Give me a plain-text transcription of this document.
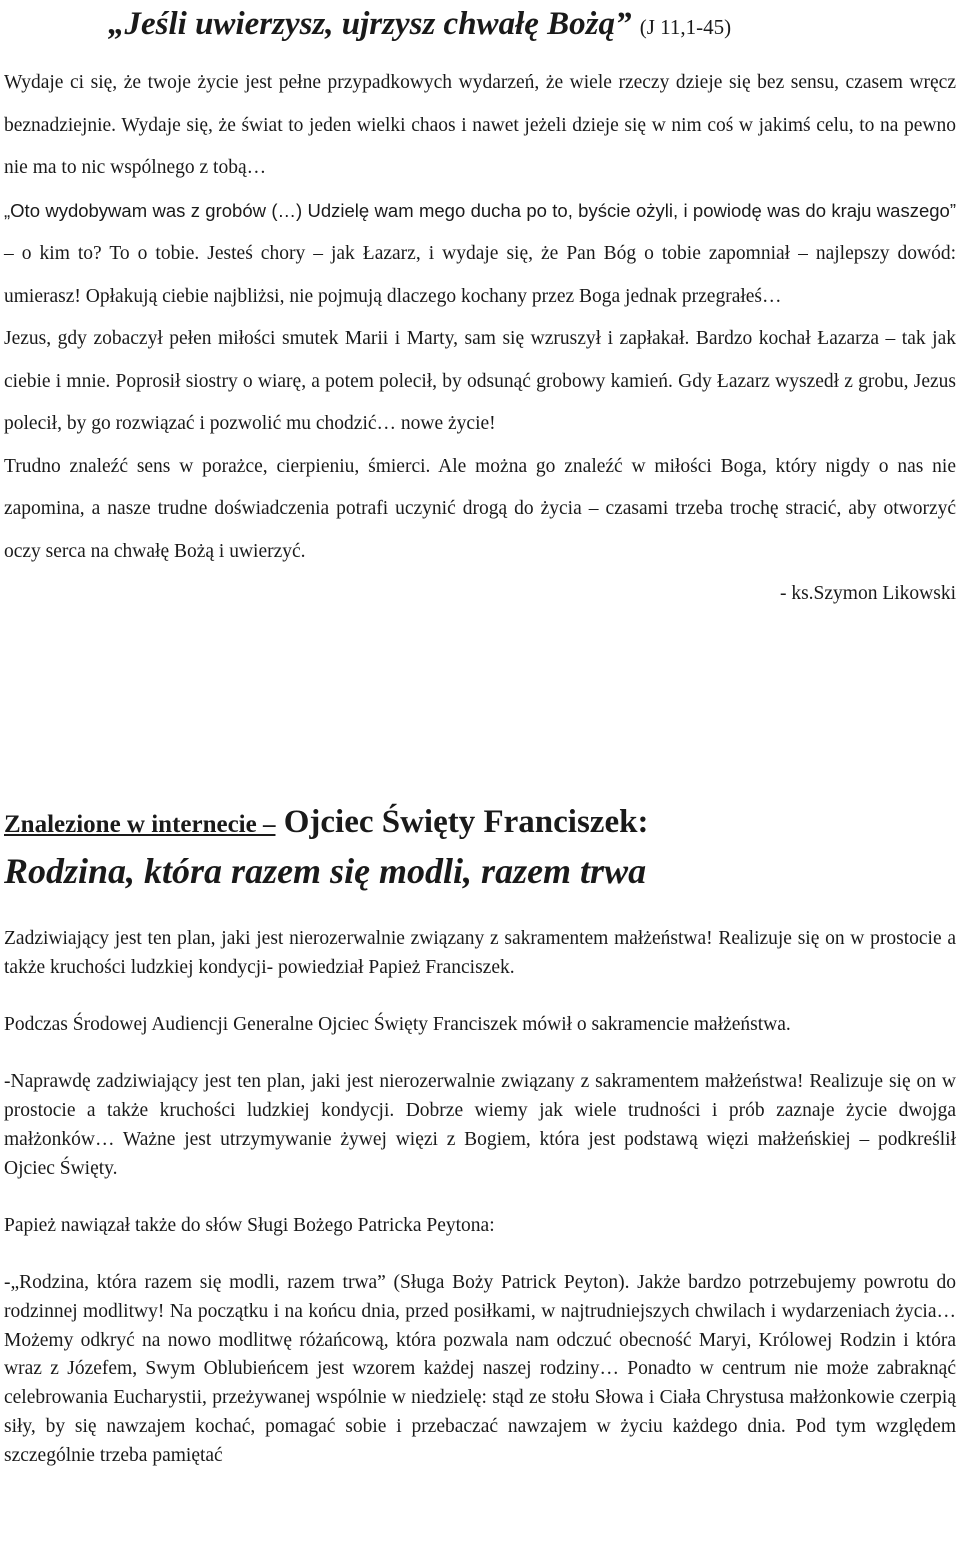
„Jeśli uwierzysz, ujrzysz chwałę Bożą” (J 11,1-45)

Wydaje ci się, że twoje życie jest pełne przypadkowych wydarzeń, że wiele rzeczy dzieje się bez sensu, czasem wręcz beznadziejnie. Wydaje się, że świat to jeden wielki chaos i nawet jeżeli dzieje się w nim coś w jakimś celu, to na pewno nie ma to nic wspólnego z tobą…

„Oto wydobywam was z grobów (…) Udzielę wam mego ducha po to, byście ożyli, i powiodę was do kraju waszego” – o kim to? To o tobie. Jesteś chory – jak Łazarz, i wydaje się, że Pan Bóg o tobie zapomniał – najlepszy dowód: umierasz! Opłakują ciebie najbliżsi, nie pojmują dlaczego kochany przez Boga jednak przegrałeś…

Jezus, gdy zobaczył pełen miłości smutek Marii i Marty, sam się wzruszył i zapłakał. Bardzo kochał Łazarza – tak jak ciebie i mnie. Poprosił siostry o wiarę, a potem polecił, by odsunąć grobowy kamień. Gdy Łazarz wyszedł z grobu, Jezus polecił, by go rozwiązać i pozwolić mu chodzić… nowe życie!

Trudno znaleźć sens w porażce, cierpieniu, śmierci. Ale można go znaleźć w miłości Boga, który nigdy o nas nie zapomina, a nasze trudne doświadczenia potrafi uczynić drogą do życia – czasami trzeba trochę stracić, aby otworzyć oczy serca na chwałę Bożą i uwierzyć.

- ks.Szymon Likowski

Znalezione w internecie – Ojciec Święty Franciszek:
Rodzina, która razem się modli, razem trwa

Zadziwiający jest ten plan, jaki jest nierozerwalnie związany z sakramentem małżeństwa! Realizuje się on w prostocie a także kruchości ludzkiej kondycji- powiedział Papież Franciszek.

Podczas Środowej Audiencji Generalne Ojciec Święty Franciszek mówił o sakramencie małżeństwa.

-Naprawdę zadziwiający jest ten plan, jaki jest nierozerwalnie związany z sakramentem małżeństwa! Realizuje się on w prostocie a także kruchości ludzkiej kondycji. Dobrze wiemy jak wiele trudności i prób zaznaje życie dwojga małżonków… Ważne jest utrzymywanie żywej więzi z Bogiem, która jest podstawą więzi małżeńskiej – podkreślił Ojciec Święty.

Papież nawiązał także do słów Sługi Bożego Patricka Peytona:

-„Rodzina, która razem się modli, razem trwa” (Sługa Boży Patrick Peyton). Jakże bardzo potrzebujemy powrotu do rodzinnej modlitwy! Na początku i na końcu dnia, przed posiłkami, w najtrudniejszych chwilach i wydarzeniach życia… Możemy odkryć na nowo modlitwę różańcową, która pozwala nam odczuć obecność Maryi, Królowej Rodzin i która wraz z Józefem, Swym Oblubieńcem jest wzorem każdej naszej rodziny… Ponadto w centrum nie może zabraknąć celebrowania Eucharystii, przeżywanej wspólnie w niedzielę: stąd ze stołu Słowa i Ciała Chrystusa małżonkowie czerpią siły, by się nawzajem kochać, pomagać sobie i przebaczać nawzajem w życiu każdego dnia. Pod tym względem szczególnie trzeba pamiętać
